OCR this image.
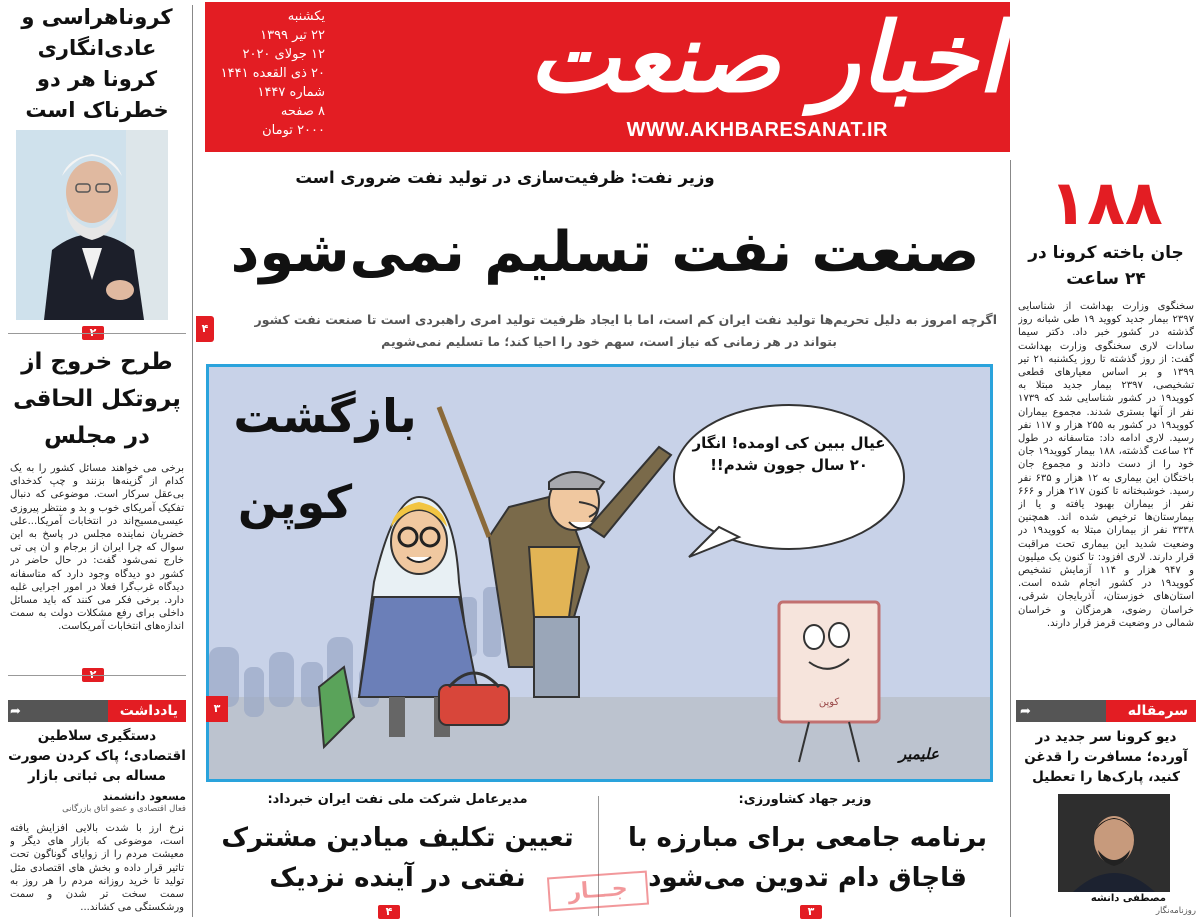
اخبار صنعت
WWW.AKHBARESANAT.IR
یکشنبه
۲۲ تیر ۱۳۹۹
۱۲ جولای ۲۰۲۰
۲۰ ذی القعده ۱۴۴۱
شماره ۱۴۴۷
۸ صفحه
۲۰۰۰ تومان
کروناهراسی و عادی‌انگاری کرونا هر دو خطرناک است
طرح خروج از پروتکل الحاقی در مجلس
برخی می خواهند مسائل کشور را به یک کدام از گزینه‌ها بزنند و چپ کدخدای بی‌عقل سرکار است. موضوعی که دنبال تفکیک آمریکای خوب و بد و منتظر پیروزی عیسی‌مسیح‌اند در انتخابات آمریکا...علی خضریان نماینده مجلس در پاسخ به این سوال که چرا ایران از برجام و ان پی تی خارج نمی‌شود گفت: در حال حاضر در کشور دو دیدگاه وجود دارد که متاسفانه دیدگاه غرب‌گرا فعلا در امور اجرایی غلبه دارد. برخی فکر می کنند که باید مسائل داخلی برای رفع مشکلات دولت به سمت اندازه‌های انتخابات آمریکاست.
یادداشت
➦
دستگیری سلاطین اقتصادی؛ پاک کردن صورت مساله بی ثباتی بازار
مسعود دانشمند
فعال اقتصادی و عضو اتاق بازرگانی
نرخ ارز با شدت بالایی افزایش یافته است، موضوعی که بازار های دیگر و معیشت مردم را از زوایای گوناگون تحت تاثیر قرار داده و بخش های اقتصادی مثل تولید تا خرید روزانه مردم را هر روز به سمت سخت تر شدن و سمت ورشکستگی می کشاند...
وزیر نفت: ظرفیت‌سازی در تولید نفت ضروری است
صنعت نفت تسلیم نمی‌شود
اگرچه امروز به دلیل تحریم‌ها تولید نفت ایران کم است، اما با ایجاد ظرفیت تولید امری راهبردی است تا صنعت نفت کشور
بتواند در هر زمانی که نیاز است، سهم خود را احیا کند؛ ما تسلیم نمی‌شویم
۴
بازگشت
کوپن
عیال ببین کی اومده! انگار ۲۰ سال جوون شدم!!
کوپن
علیمیر
۳
۱۸۸
جان باخته کرونا در ۲۴ ساعت
سخنگوی وزارت بهداشت از شناسایی ۲۳۹۷ بیمار جدید کووید ۱۹ طی شبانه روز گذشته در کشور خبر داد. دکتر سیما سادات لاری سخنگوی وزارت بهداشت گفت: از روز گذشته تا روز یکشنبه ۲۱ تیر ۱۳۹۹ و بر اساس معیارهای قطعی تشخیصی، ۲۳۹۷ بیمار جدید مبتلا به کووید۱۹ در کشور شناسایی شد که ۱۷۳۹ نفر از آنها بستری شدند. مجموع بیماران کووید۱۹ در کشور به ۲۵۵ هزار و ۱۱۷ نفر رسید. لاری ادامه داد: متاسفانه در طول ۲۴ ساعت گذشته، ۱۸۸ بیمار کووید۱۹ جان خود را از دست دادند و مجموع جان باختگان این بیماری به ۱۲ هزار و ۶۳۵ نفر رسید. خوشبختانه تا کنون ۲۱۷ هزار و ۶۶۶ نفر از بیماران بهبود یافته و یا از بیمارستان‌ها ترخیص شده اند. همچنین ۳۳۳۸ نفر از بیماران مبتلا به کووید۱۹ در وضعیت شدید این بیماری تحت مراقبت قرار دارند. لاری افزود: تا کنون یک میلیون و ۹۴۷ هزار و ۱۱۴ آزمایش تشخیص کووید۱۹ در کشور انجام شده است. استان‌های خوزستان، آذربایجان شرقی، خراسان رضوی، هرمزگان و خراسان شمالی در وضعیت قرمز قرار دارند.
سرمقاله
➦
دیو کرونا سر جدید در آورده؛ مسافرت را قدغن کنید، پارک‌ها را تعطیل
مصطفی دانشه
روزنامه‌نگار
مدیرعامل شرکت ملی نفت ایران خبرداد:
تعیین تکلیف میادین مشترک نفتی در آینده نزدیک
۴
وزیر جهاد کشاورزی:
برنامه جامعی برای مبارزه با قاچاق دام تدوین می‌شود
۳
جـــار
